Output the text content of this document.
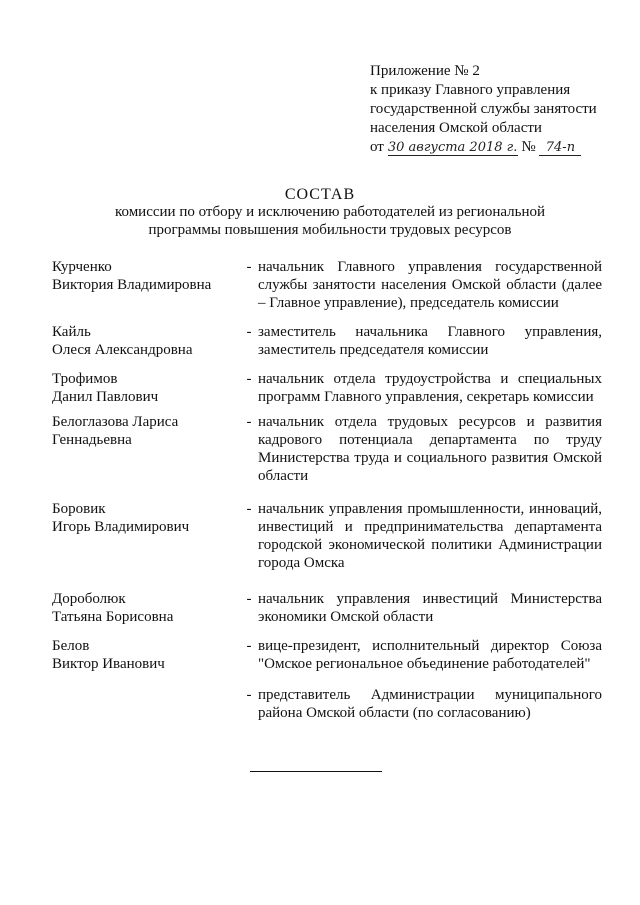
Приложение № 2
к приказу Главного управления
государственной службы занятости
населения Омской области
от 30 августа 2018 г. № 74-п
СОСТАВ
комиссии по отбору и исключению работодателей из региональной
программы повышения мобильности трудовых ресурсов
Курченко
Виктория Владимировна
- начальник Главного управления государственной службы занятости населения Омской области (далее – Главное управление), председатель комиссии
Кайль
Олеся Александровна
- заместитель начальника Главного управления, заместитель председателя комиссии
Трофимов
Данил Павлович
- начальник отдела трудоустройства и специальных программ Главного управления, секретарь комиссии
Белоглазова Лариса
Геннадьевна
- начальник отдела трудовых ресурсов и развития кадрового потенциала департамента по труду Министерства труда и социального развития Омской области
Боровик
Игорь Владимирович
- начальник управления промышленности, инноваций, инвестиций и предпринимательства департамента городской экономической политики Администрации города Омска
Дороболюк
Татьяна Борисовна
- начальник управления инвестиций Министерства экономики Омской области
Белов
Виктор Иванович
- вице-президент, исполнительный директор Союза "Омское региональное объединение работодателей"
- представитель Администрации муниципального района Омской области (по согласованию)
